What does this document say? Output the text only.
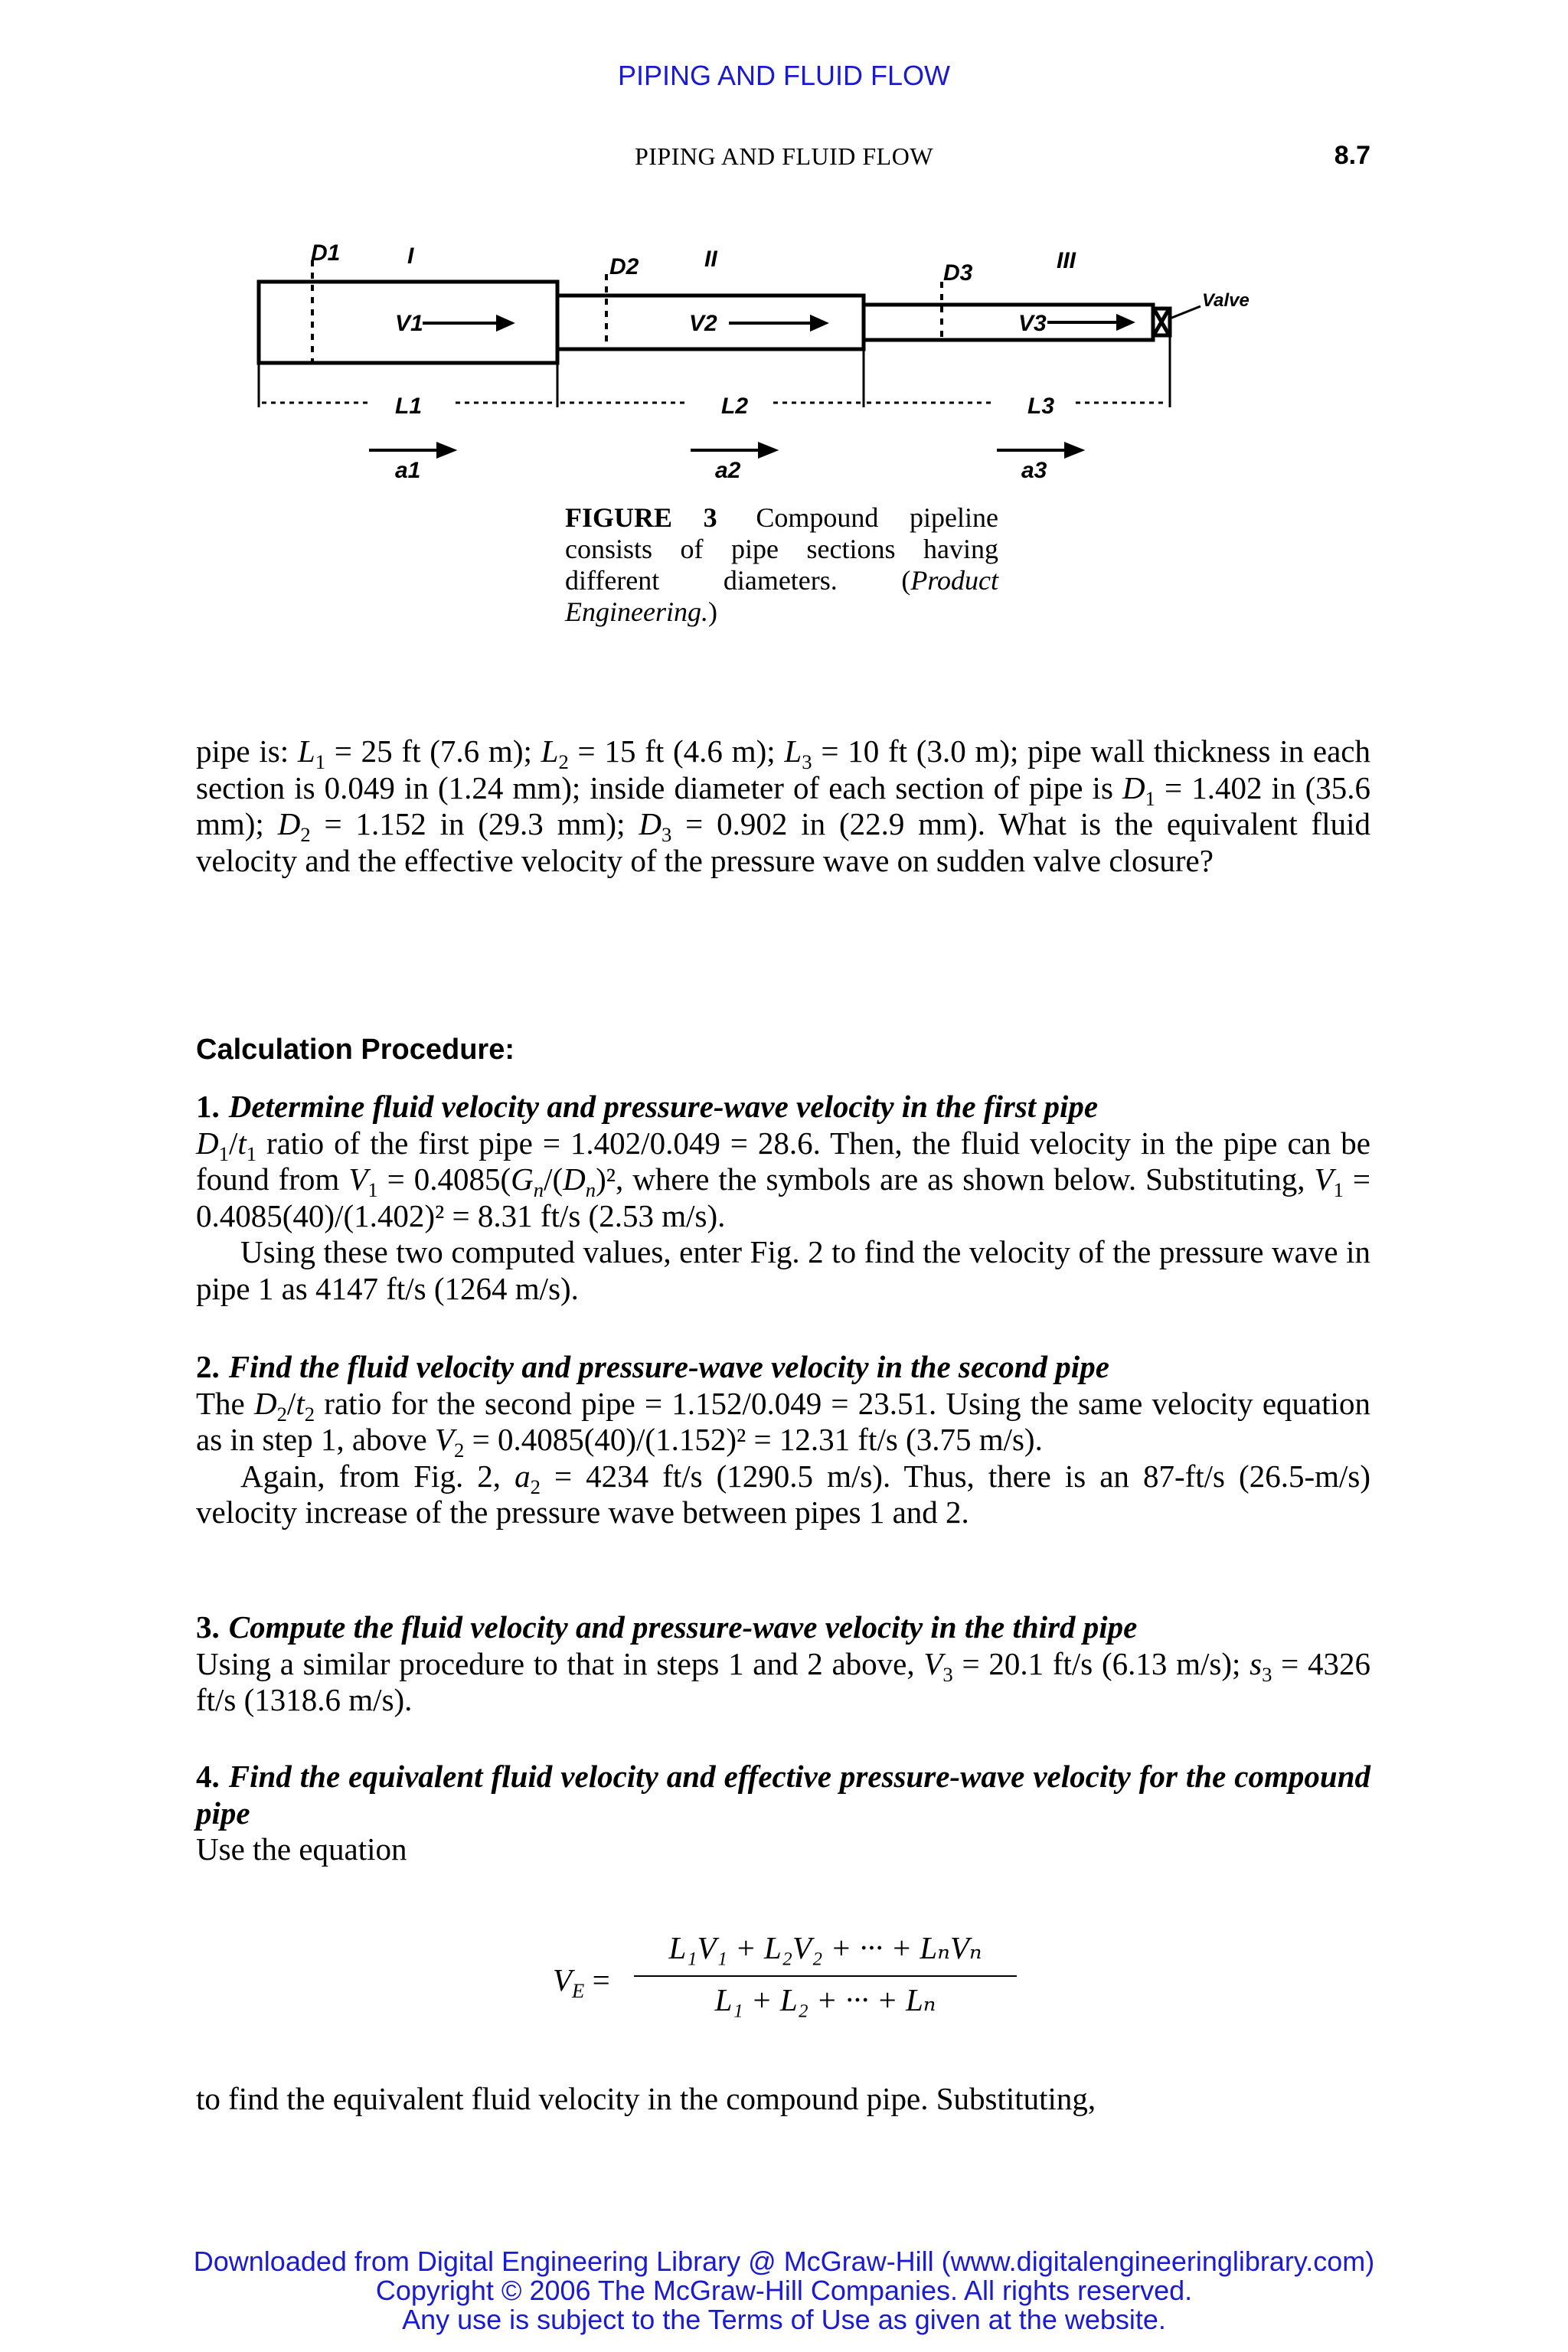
PIPING AND FLUID FLOW
PIPING AND FLUID FLOW	8.7
D1	I	D2	II
D3	III
V1	V2	V3
L1	L2	L3
a1	a2	a3
Valve
FIGURE 3 Compound pipeline consists of pipe sections having different diameters. (Product Engineering.)

pipe is: $L_1 = 25$ ft (7.6 m); $L_2 = 15$ ft (4.6 m); $L_3 = 10$ ft (3.0 m); pipe wall thickness in each section is 0.049 in (1.24 mm); inside diameter of each section of pipe is $D_1 = 1.402$ in (35.6 mm); $D_2 = 1.152$ in (29.3 mm); $D_3 = 0.902$ in (22.9 mm). What is the equivalent fluid velocity and the effective velocity of the pressure wave on sudden valve closure?

Calculation Procedure:

1. Determine fluid velocity and pressure-wave velocity in the first pipe

$D_1/t_1$ ratio of the first pipe = 1.402/0.049 = 28.6. Then, the fluid velocity in the pipe can be found from $V_1 = 0.4085(G_n/(D_n)^2$, where the symbols are as shown below. Substituting, $V_1 = 0.4085(40)/(1.402)^2 = 8.31$ ft/s (2.53 m/s).

Using these two computed values, enter Fig. 2 to find the velocity of the pressure wave in pipe 1 as 4147 ft/s (1264 m/s).

2. Find the fluid velocity and pressure-wave velocity in the second pipe

The $D_2/t_2$ ratio for the second pipe = 1.152/0.049 = 23.51. Using the same velocity equation as in step 1, above $V_2 = 0.4085(40)/(1.152)^2 = 12.31$ ft/s (3.75 m/s).

Again, from Fig. 2, $a_2 = 4234$ ft/s (1290.5 m/s). Thus, there is an 87-ft/s (26.5-m/s) velocity increase of the pressure wave between pipes 1 and 2.

3. Compute the fluid velocity and pressure-wave velocity in the third pipe

Using a similar procedure to that in steps 1 and 2 above, $V_3 = 20.1$ ft/s (6.13 m/s); $s_3 = 4326$ ft/s (1318.6 m/s).

4. Find the equivalent fluid velocity and effective pressure-wave velocity for the compound pipe

Use the equation

$V_E$ =
L₁V₁ + L₂V₂ + ··· + LₙVₙ
L₁ + L₂ + ··· + Lₙ
to find the equivalent fluid velocity in the compound pipe. Substituting,
Downloaded from Digital Engineering Library @ McGraw-Hill (www.digitalengineeringlibrary.com)
Copyright © 2006 The McGraw-Hill Companies. All rights reserved.
Any use is subject to the Terms of Use as given at the website.
